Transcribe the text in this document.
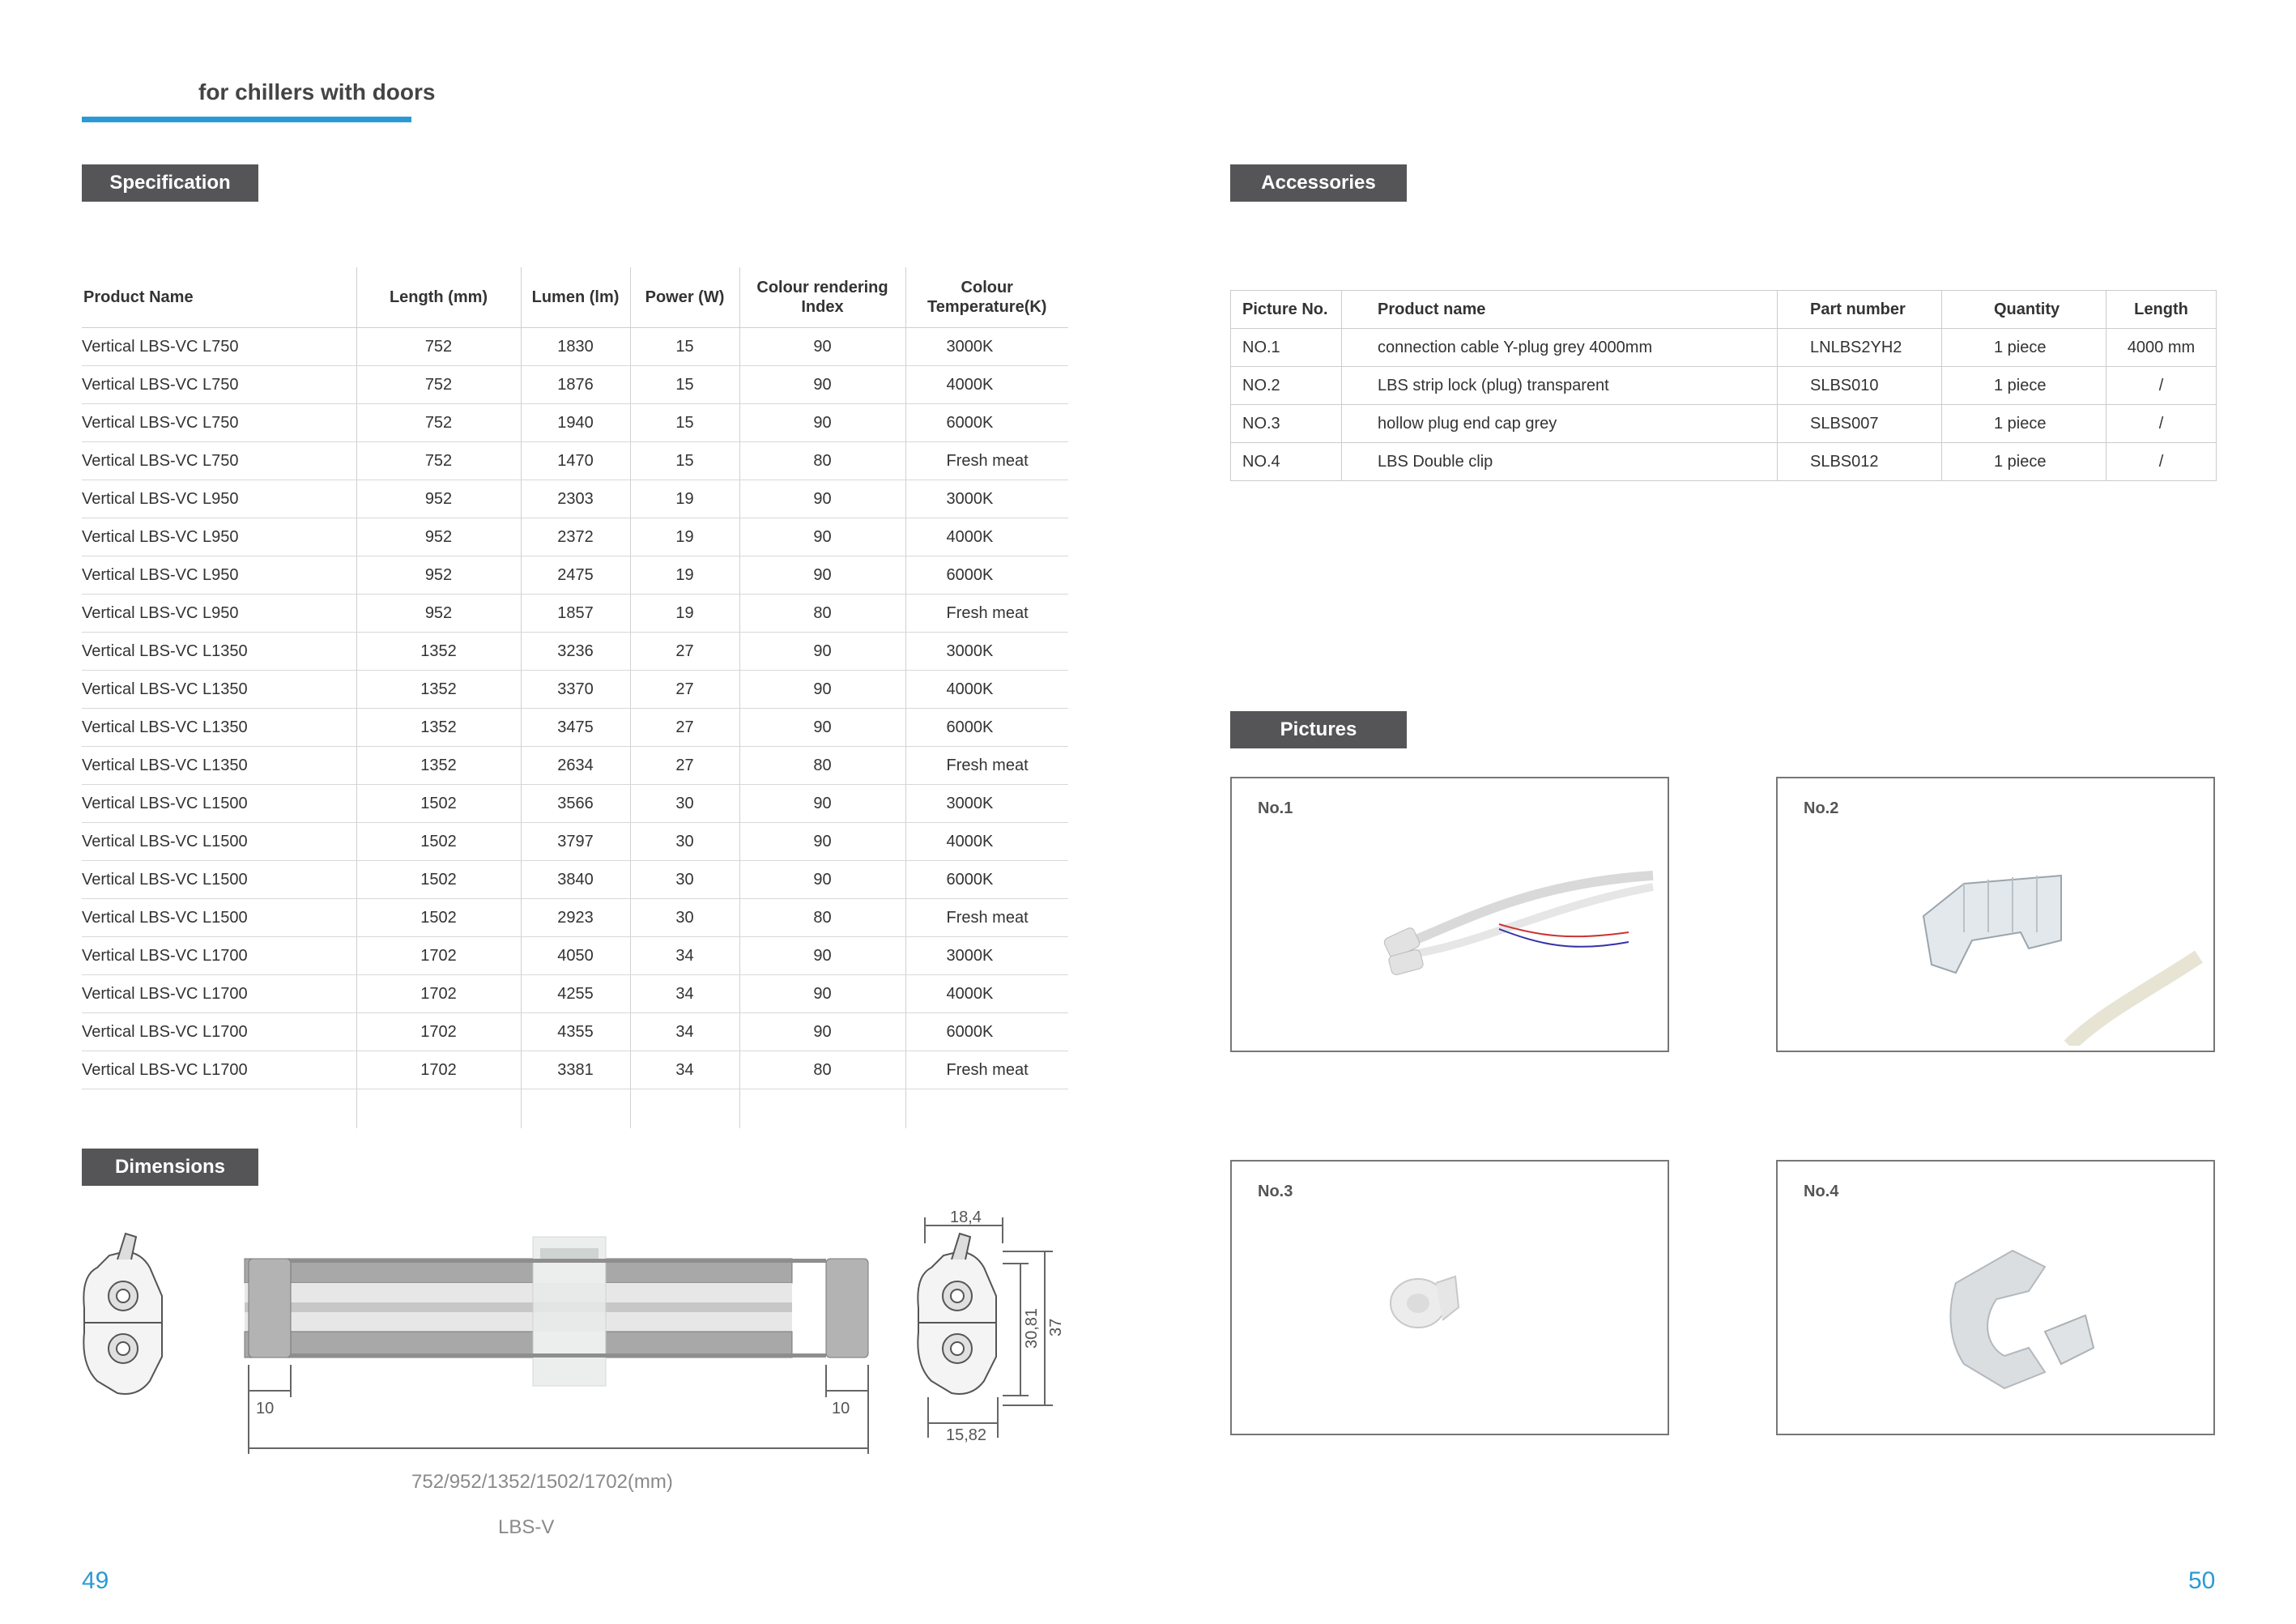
for chillers with doors
Specification
Product Name	Length (mm)	Lumen (lm)	Power (W)	Colour rendering Index	Colour Temperature(K)
Vertical LBS-VC L750	752	1830	15	90	3000K
Vertical LBS-VC L750	752	1876	15	90	4000K
Vertical LBS-VC L750	752	1940	15	90	6000K
Vertical LBS-VC L750	752	1470	15	80	Fresh meat
Vertical LBS-VC L950	952	2303	19	90	3000K
Vertical LBS-VC L950	952	2372	19	90	4000K
Vertical LBS-VC L950	952	2475	19	90	6000K
Vertical LBS-VC L950	952	1857	19	80	Fresh meat
Vertical LBS-VC L1350	1352	3236	27	90	3000K
Vertical LBS-VC L1350	1352	3370	27	90	4000K
Vertical LBS-VC L1350	1352	3475	27	90	6000K
Vertical LBS-VC L1350	1352	2634	27	80	Fresh meat
Vertical LBS-VC L1500	1502	3566	30	90	3000K
Vertical LBS-VC L1500	1502	3797	30	90	4000K
Vertical LBS-VC L1500	1502	3840	30	90	6000K
Vertical LBS-VC L1500	1502	2923	30	80	Fresh meat
Vertical LBS-VC L1700	1702	4050	34	90	3000K
Vertical LBS-VC L1700	1702	4255	34	90	4000K
Vertical LBS-VC L1700	1702	4355	34	90	6000K
Vertical LBS-VC L1700	1702	3381	34	80	Fresh meat

Dimensions
10	10
18,4
15,82
30,81 37
752/952/1352/1502/1702(mm)
LBS-V
49
Accessories
Picture No.	Product name	Part number	Quantity	Length
NO.1	connection cable Y-plug grey 4000mm	LNLBS2YH2	1 piece	4000 mm
NO.2	LBS strip lock (plug) transparent	SLBS010	1 piece	/
NO.3	hollow plug end cap grey	SLBS007	1 piece	/
NO.4	LBS Double clip	SLBS012	1 piece	/
Pictures
No.1	No.2
No.3	No.4
50
